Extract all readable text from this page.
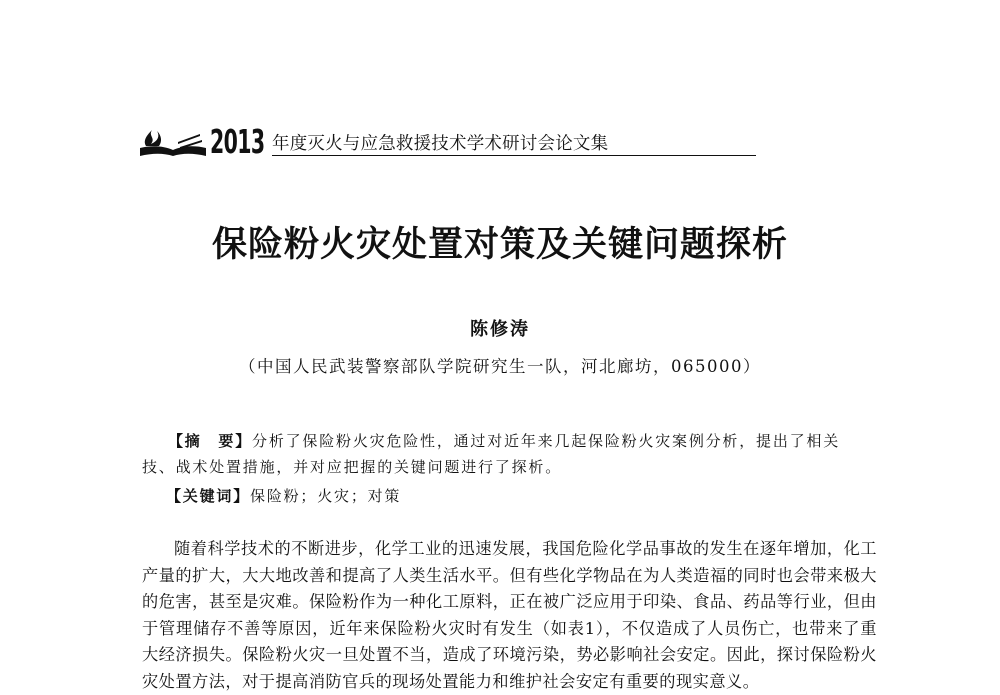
2013 年度灭火与应急救援技术学术研讨会论文集
保险粉火灾处置对策及关键问题探析
陈修涛
（中国人民武装警察部队学院研究生一队，河北廊坊，065000）

【摘　要】分析了保险粉火灾危险性，通过对近年来几起保险粉火灾案例分析，提出了相关技、战术处置措施，并对应把握的关键问题进行了探析。

【关键词】保险粉；火灾；对策

随着科学技术的不断进步，化学工业的迅速发展，我国危险化学品事故的发生在逐年增加，化工产量的扩大，大大地改善和提高了人类生活水平。但有些化学物品在为人类造福的同时也会带来极大的危害，甚至是灾难。保险粉作为一种化工原料，正在被广泛应用于印染、食品、药品等行业，但由于管理储存不善等原因，近年来保险粉火灾时有发生（如表1），不仅造成了人员伤亡，也带来了重大经济损失。保险粉火灾一旦处置不当，造成了环境污染，势必影响社会安定。因此，探讨保险粉火灾处置方法，对于提高消防官兵的现场处置能力和维护社会安定有重要的现实意义。
